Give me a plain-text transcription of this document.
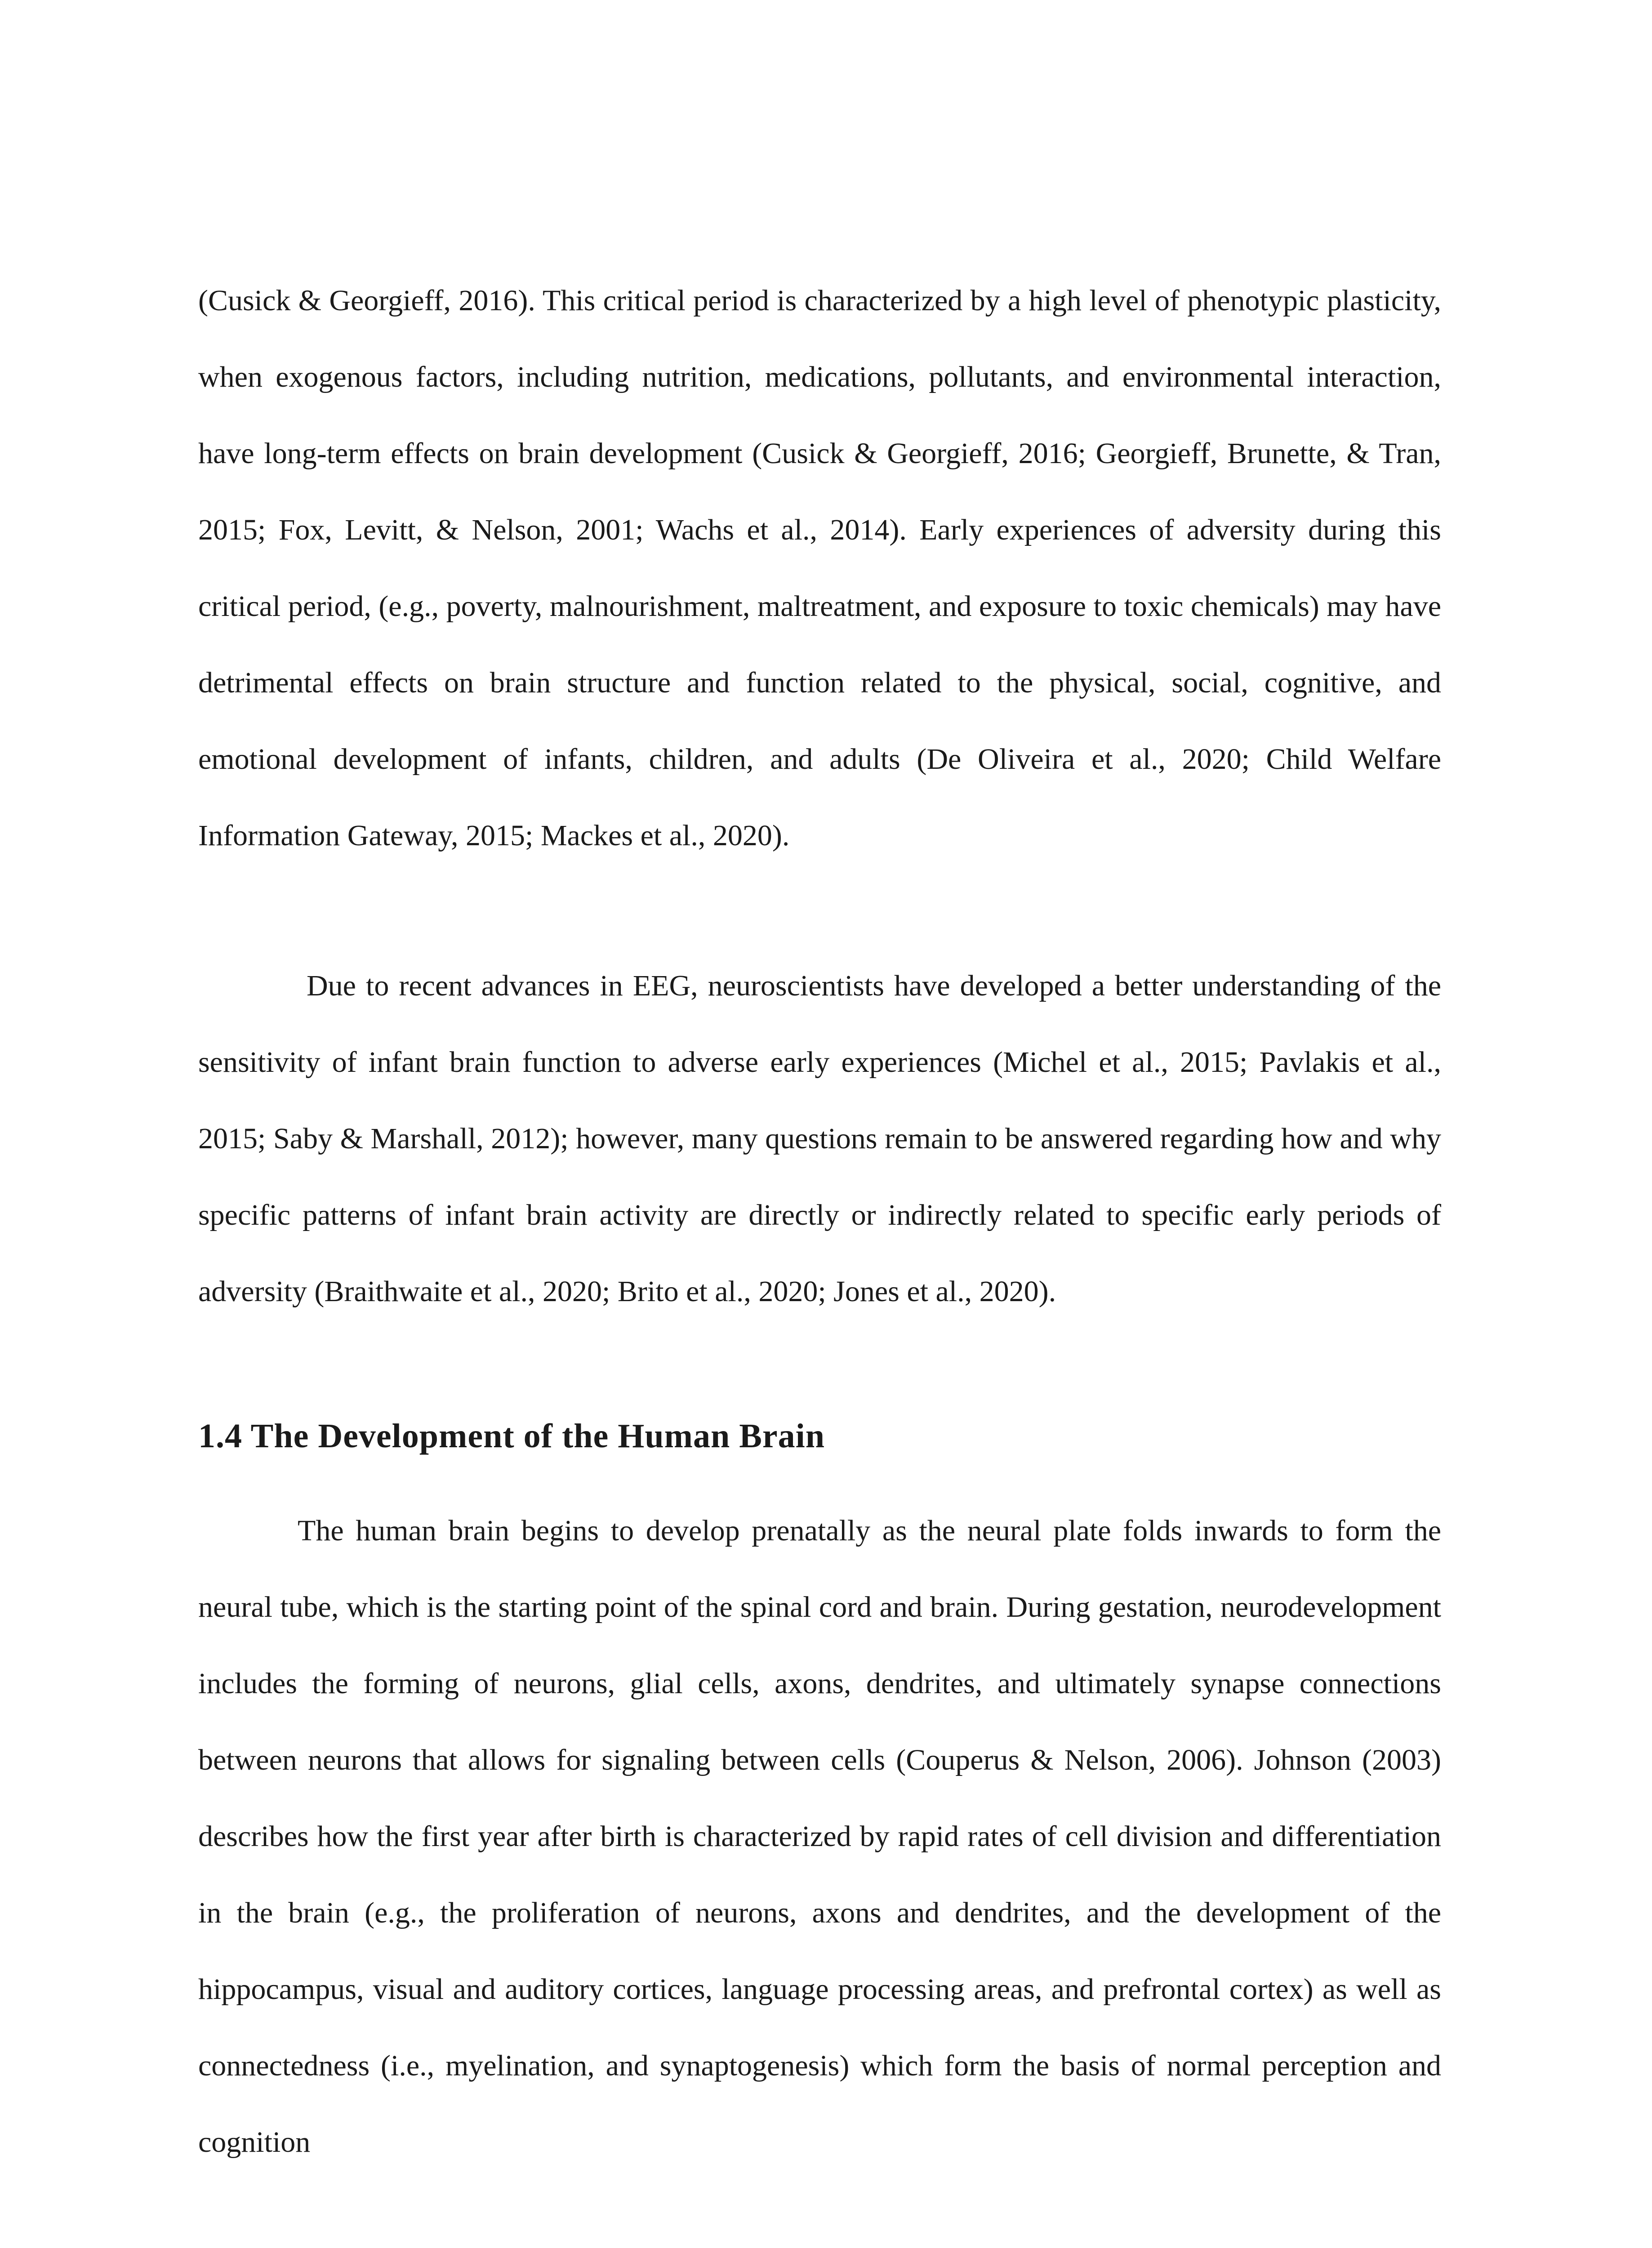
(Cusick & Georgieff, 2016). This critical period is characterized by a high level of phenotypic plasticity, when exogenous factors, including nutrition, medications, pollutants, and environmental interaction, have long-term effects on brain development (Cusick & Georgieff, 2016; Georgieff, Brunette, & Tran, 2015; Fox, Levitt, & Nelson, 2001; Wachs et al., 2014). Early experiences of adversity during this critical period, (e.g., poverty, malnourishment, maltreatment, and exposure to toxic chemicals) may have detrimental effects on brain structure and function related to the physical, social, cognitive, and emotional development of infants, children, and adults (De Oliveira et al., 2020; Child Welfare Information Gateway, 2015; Mackes et al., 2020).

Due to recent advances in EEG, neuroscientists have developed a better understanding of the sensitivity of infant brain function to adverse early experiences (Michel et al., 2015; Pavlakis et al., 2015; Saby & Marshall, 2012); however, many questions remain to be answered regarding how and why specific patterns of infant brain activity are directly or indirectly related to specific early periods of adversity (Braithwaite et al., 2020; Brito et al., 2020; Jones et al., 2020).

1.4 The Development of the Human Brain

The human brain begins to develop prenatally as the neural plate folds inwards to form the neural tube, which is the starting point of the spinal cord and brain. During gestation, neurodevelopment includes the forming of neurons, glial cells, axons, dendrites, and ultimately synapse connections between neurons that allows for signaling between cells (Couperus & Nelson, 2006). Johnson (2003) describes how the first year after birth is characterized by rapid rates of cell division and differentiation in the brain (e.g., the proliferation of neurons, axons and dendrites, and the development of the hippocampus, visual and auditory cortices, language processing areas, and prefrontal cortex) as well as connectedness (i.e., myelination, and synaptogenesis) which form the basis of normal perception and cognition
